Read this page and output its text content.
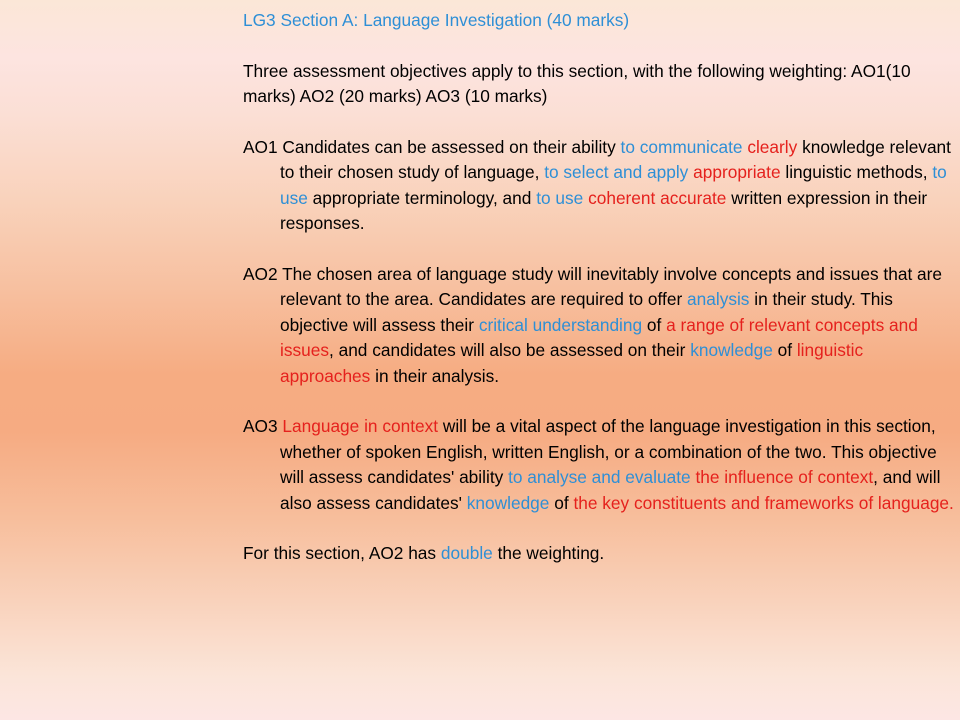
LG3 Section A: Language Investigation (40 marks)

Three assessment objectives apply to this section, with the following weighting: AO1(10 marks) AO2 (20 marks) AO3 (10 marks)

AO1 Candidates can be assessed on their ability to communicate clearly knowledge relevant to their chosen study of language, to select and apply appropriate linguistic methods, to use appropriate terminology, and to use coherent accurate written expression in their responses.

AO2 The chosen area of language study will inevitably involve concepts and issues that are relevant to the area. Candidates are required to offer analysis in their study. This objective will assess their critical understanding of a range of relevant concepts and issues, and candidates will also be assessed on their knowledge of linguistic approaches in their analysis.

AO3 Language in context will be a vital aspect of the language investigation in this section, whether of spoken English, written English, or a combination of the two. This objective will assess candidates' ability to analyse and evaluate the influence of context, and will also assess candidates' knowledge of the key constituents and frameworks of language.

For this section, AO2 has double the weighting.
